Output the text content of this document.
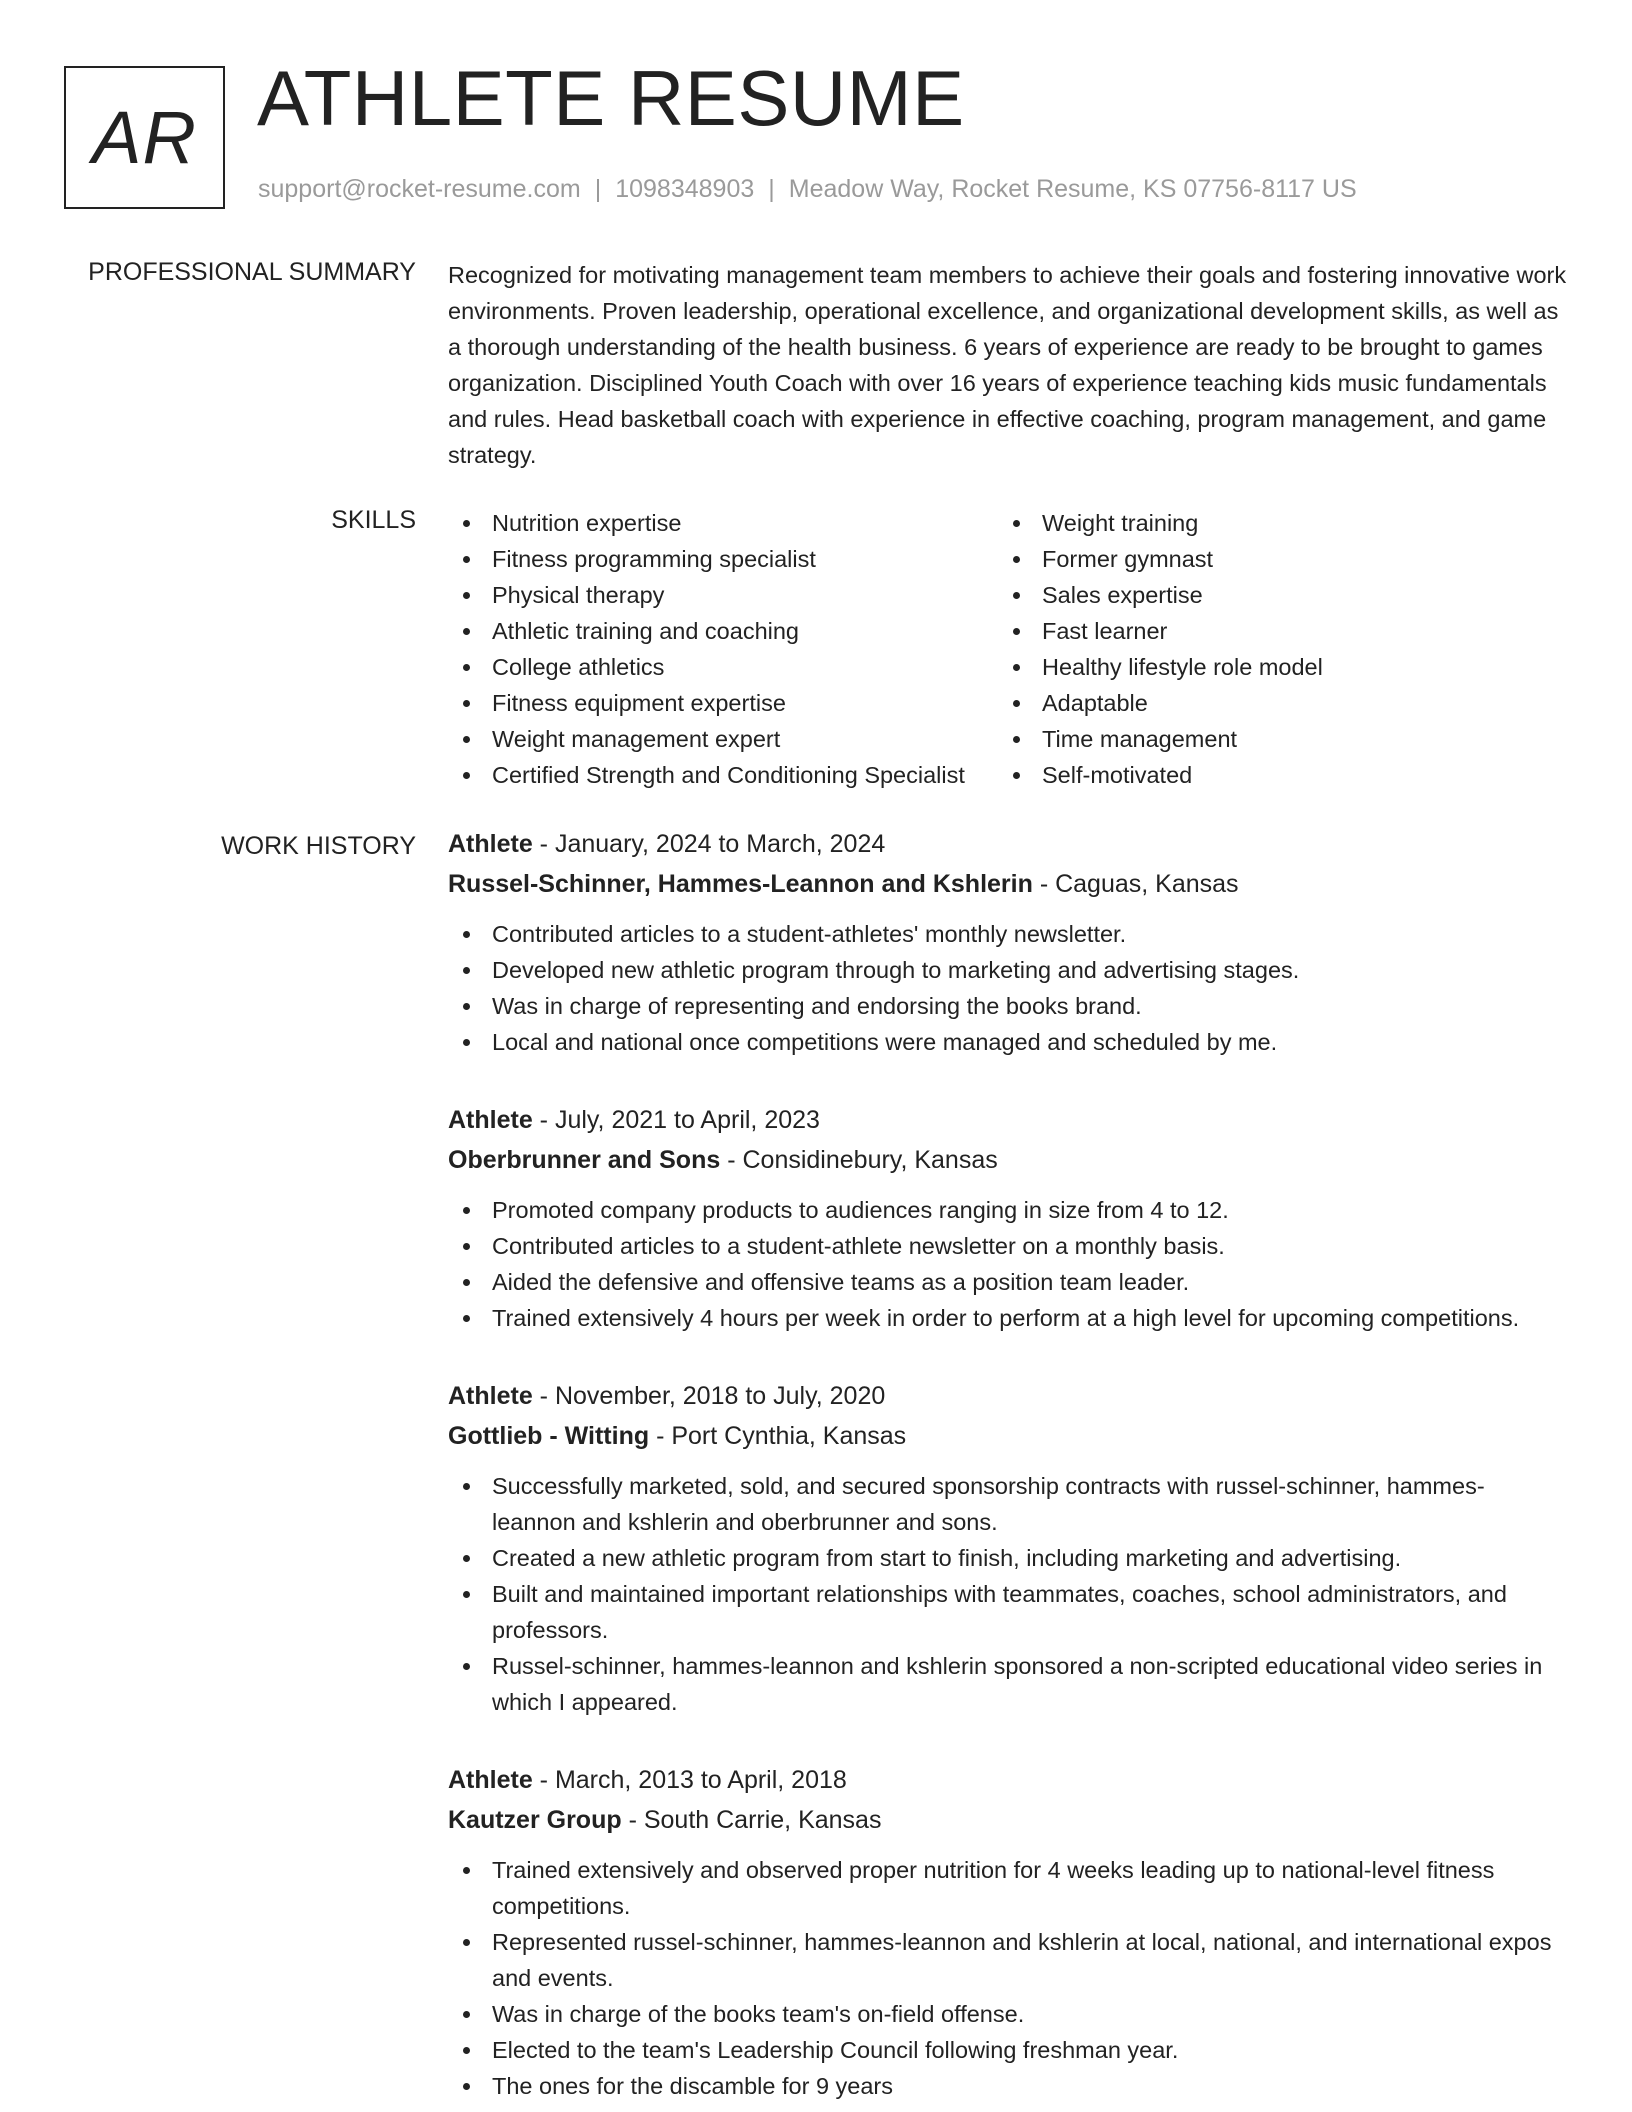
AR ATHLETE RESUME
support@rocket-resume.com | 1098348903 | Meadow Way, Rocket Resume, KS 07756-8117 US
PROFESSIONAL SUMMARY Recognized for motivating management team members to achieve their goals and fostering innovative work environments. Proven leadership, operational excellence, and organizational development skills, as well as a thorough understanding of the health business. 6 years of experience are ready to be brought to games organization. Disciplined Youth Coach with over 16 years of experience teaching kids music fundamentals and rules. Head basketball coach with experience in effective coaching, program management, and game strategy.
SKILLS	Nutrition expertise
Fitness programming specialist
Physical therapy
Athletic training and coaching
College athletics
Fitness equipment expertise
Weight management expert
Certified Strength and Conditioning Specialist
Weight training
Former gymnast
Sales expertise
Fast learner
Healthy lifestyle role model
Adaptable
Time management
Self-motivated
WORK HISTORY Athlete - January, 2024 to March, 2024
Russel-Schinner, Hammes-Leannon and Kshlerin - Caguas, Kansas
Contributed articles to a student-athletes' monthly newsletter.
Developed new athletic program through to marketing and advertising stages.
Was in charge of representing and endorsing the books brand.
Local and national once competitions were managed and scheduled by me.
Athlete - July, 2021 to April, 2023
Oberbrunner and Sons - Considinebury, Kansas
Promoted company products to audiences ranging in size from 4 to 12.
Contributed articles to a student-athlete newsletter on a monthly basis.
Aided the defensive and offensive teams as a position team leader.
Trained extensively 4 hours per week in order to perform at a high level for upcoming competitions.
Athlete - November, 2018 to July, 2020
Gottlieb - Witting - Port Cynthia, Kansas
Successfully marketed, sold, and secured sponsorship contracts with russel-schinner, hammes-leannon and kshlerin and oberbrunner and sons.
Created a new athletic program from start to finish, including marketing and advertising.
Built and maintained important relationships with teammates, coaches, school administrators, and professors.
Russel-schinner, hammes-leannon and kshlerin sponsored a non-scripted educational video series in which I appeared.
Athlete - March, 2013 to April, 2018
Kautzer Group - South Carrie, Kansas
Trained extensively and observed proper nutrition for 4 weeks leading up to national-level fitness competitions.
Represented russel-schinner, hammes-leannon and kshlerin at local, national, and international expos and events.
Was in charge of the books team's on-field offense.
Elected to the team's Leadership Council following freshman year.
The ones for the discamble for 9 years
